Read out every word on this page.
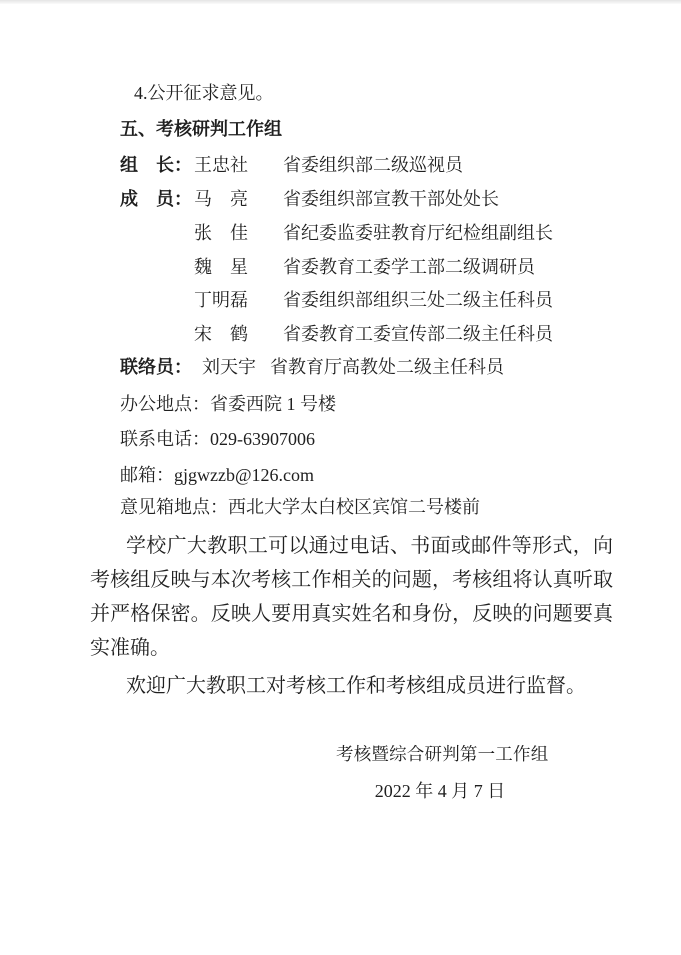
4.公开征求意见。
五、考核研判工作组
组　长： 王忠社 省委组织部二级巡视员
成　员： 马　亮 省委组织部宣教干部处处长
张　佳 省纪委监委驻教育厅纪检组副组长
魏　星 省委教育工委学工部二级调研员
丁明磊 省委组织部组织三处二级主任科员
宋　鹤 省委教育工委宣传部二级主任科员
联络员： 刘天宇 省教育厅高教处二级主任科员
办公地点：省委西院 1 号楼
联系电话：029-63907006
邮箱：gjgwzzb@126.com
意见箱地点：西北大学太白校区宾馆二号楼前

学校广大教职工可以通过电话、书面或邮件等形式，向考核组反映与本次考核工作相关的问题，考核组将认真听取并严格保密。反映人要用真实姓名和身份，反映的问题要真实准确。

欢迎广大教职工对考核工作和考核组成员进行监督。

考核暨综合研判第一工作组
2022 年 4 月 7 日
